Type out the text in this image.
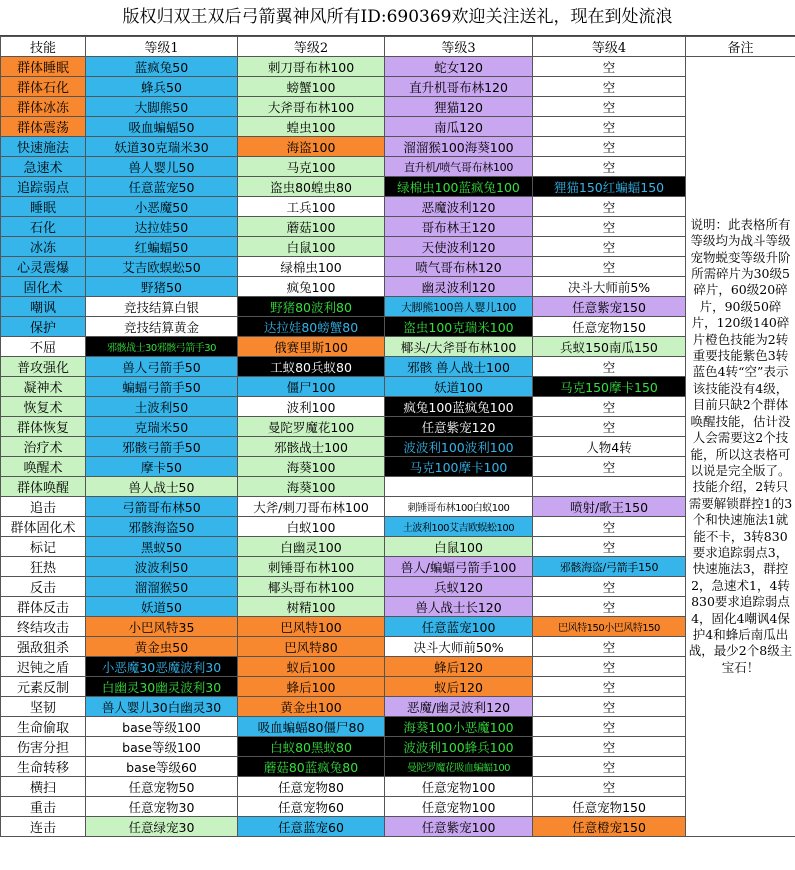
版权归双王双后弓箭翼神风所有ID:690369欢迎关注送礼，现在到处流浪
技能	等级1	等级2	等级3	等级4	备注
群体睡眠	蓝疯兔50	刺刀哥布林100	蛇女120	空	说明：此表格所有等级均为战斗等级宠物蜕变等级升阶所需碎片为30级5碎片，60级20碎片，90级50碎片，120级140碎片橙色技能为2转重要技能紫色3转蓝色4转“空”表示该技能没有4级，目前只缺2个群体唤醒技能，估计没人会需要这2个技能，所以这表格可以说是完全版了。技能介绍，2转只需要解锁群控1的3个和快速施法1就能不卡，3转830要求追踪弱点3，快速施法3，群控2，急速术1，4转830要求追踪弱点4，固化4嘲讽4保护4和蜂后南瓜出战，最少2个8级主宝石！
群体石化	蜂兵50	螃蟹100	直升机哥布林120	空	
群体冰冻	大脚熊50	大斧哥布林100	狸猫120	空	
群体震荡	吸血蝙蝠50	蝗虫100	南瓜120	空	
快速施法	妖道30克瑞米30	海盗100	溜溜猴100海葵100	空	
急速术	兽人婴儿50	马克100	直升机/喷气哥布林100	空	
追踪弱点	任意蓝宠50	盗虫80蝗虫80	绿棉虫100蓝疯兔100	狸猫150红蝙蝠150	
睡眠	小恶魔50	工兵100	恶魔波利120	空	
石化	达拉娃50	蘑菇100	哥布林王120	空	
冰冻	红蝙蝠50	白鼠100	天使波利120	空	
心灵震爆	艾吉欧蜈蚣50	绿棉虫100	喷气哥布林120	空	
固化术	野猪50	疯兔100	幽灵波利120	决斗大师前5%	
嘲讽	竞技结算白银	野猪80波利80	大脚熊100兽人婴儿100	任意紫宠150	
保护	竞技结算黄金	达拉娃80螃蟹80	盗虫100克瑞米100	任意宠物150	
不屈	邪骸战士30邪骸弓箭手30	俄赛里斯100	椰头/大斧哥布林100	兵蚁150南瓜150	
普攻强化	兽人弓箭手50	工蚁80兵蚁80	邪骸 兽人战士100	空	
凝神术	蝙蝠弓箭手50	僵尸100	妖道100	马克150摩卡150	
恢复术	土波利50	波利100	疯兔100蓝疯兔100	空	
群体恢复	克瑞米50	曼陀罗魔花100	任意紫宠120	空	
治疗术	邪骸弓箭手50	邪骸战士100	波波利100波利100	人物4转	
唤醒术	摩卡50	海葵100	马克100摩卡100	空	
群体唤醒	兽人战士50	海葵100			
追击	弓箭哥布林50	大斧/刺刀哥布林100	刺锤哥布林100白蚁100	喷射/歌王150	
群体固化术	邪骸海盗50	白蚁100	土波利100艾吉欧蜈蚣100	空	
标记	黑蚁50	白幽灵100	白鼠100	空	
狂热	波波利50	刺锤哥布林100	兽人/蝙蝠弓箭手100	邪骸海盗/弓箭手150	
反击	溜溜猴50	椰头哥布林100	兵蚁120	空	
群体反击	妖道50	树精100	兽人战士长120	空	
终结攻击	小巴风特35	巴风特100	任意蓝宠100	巴风特150小巴风特150	
强敌狙杀	黄金虫50	巴风特80	决斗大师前50%	空	
迟钝之盾	小恶魔30恶魔波利30	蚁后100	蜂后120	空	
元素反制	白幽灵30幽灵波利30	蜂后100	蚁后120	空	
坚韧	兽人婴儿30白幽灵30	黄金虫100	恶魔/幽灵波利120	空	
生命偷取	base等级100	吸血蝙蝠80僵尸80	海葵100小恶魔100	空	
伤害分担	base等级100	白蚁80黑蚁80	波波利100蜂兵100	空	
生命转移	base等级60	蘑菇80蓝疯兔80	曼陀罗魔花吸血蝙蝠100	空	
横扫	任意宠物50	任意宠物80	任意宠物100	空	
重击	任意宠物30	任意宠物60	任意宠物100	任意宠物150	
连击	任意绿宠30	任意蓝宠60	任意紫宠100	任意橙宠150	
